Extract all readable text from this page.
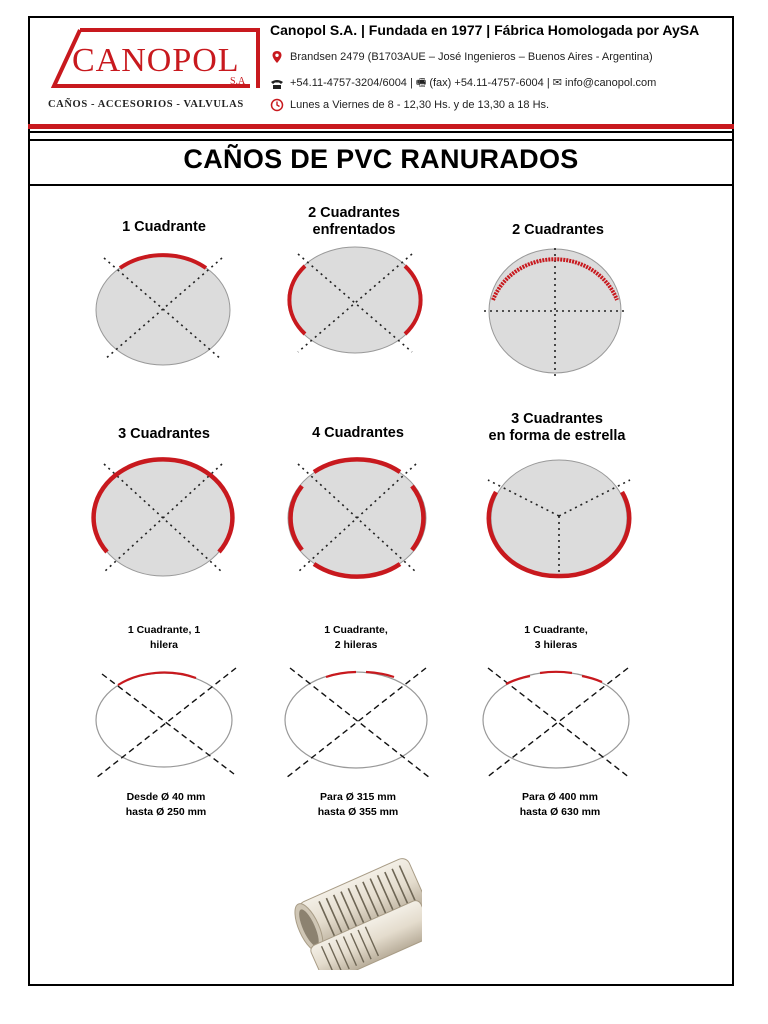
CANOPOL
S.A
CAÑOS - ACCESORIOS - VALVULAS
Canopol S.A. | Fundada en 1977 | Fábrica Homologada por AySA
Brandsen 2479 (B1703AUE – José Ingenieros – Buenos Aires - Argentina)
+54.11-4757-3204/6004 | 🖷 (fax) +54.11-4757-6004 | ✉ info@canopol.com
Lunes a Viernes de 8 - 12,30 Hs. y de 13,30 a 18 Hs.
CAÑOS DE PVC RANURADOS
1 Cuadrante
2 Cuadrantes
enfrentados	2 Cuadrantes
3 Cuadrantes	4 Cuadrantes
3 Cuadrantes
en forma de estrella
1 Cuadrante, 1
hilera
1 Cuadrante,
2 hileras
1 Cuadrante,
3 hileras
Desde Ø 40 mm
hasta Ø 250 mm
Para Ø 315 mm
hasta Ø 355 mm
Para Ø 400 mm
hasta Ø 630 mm
